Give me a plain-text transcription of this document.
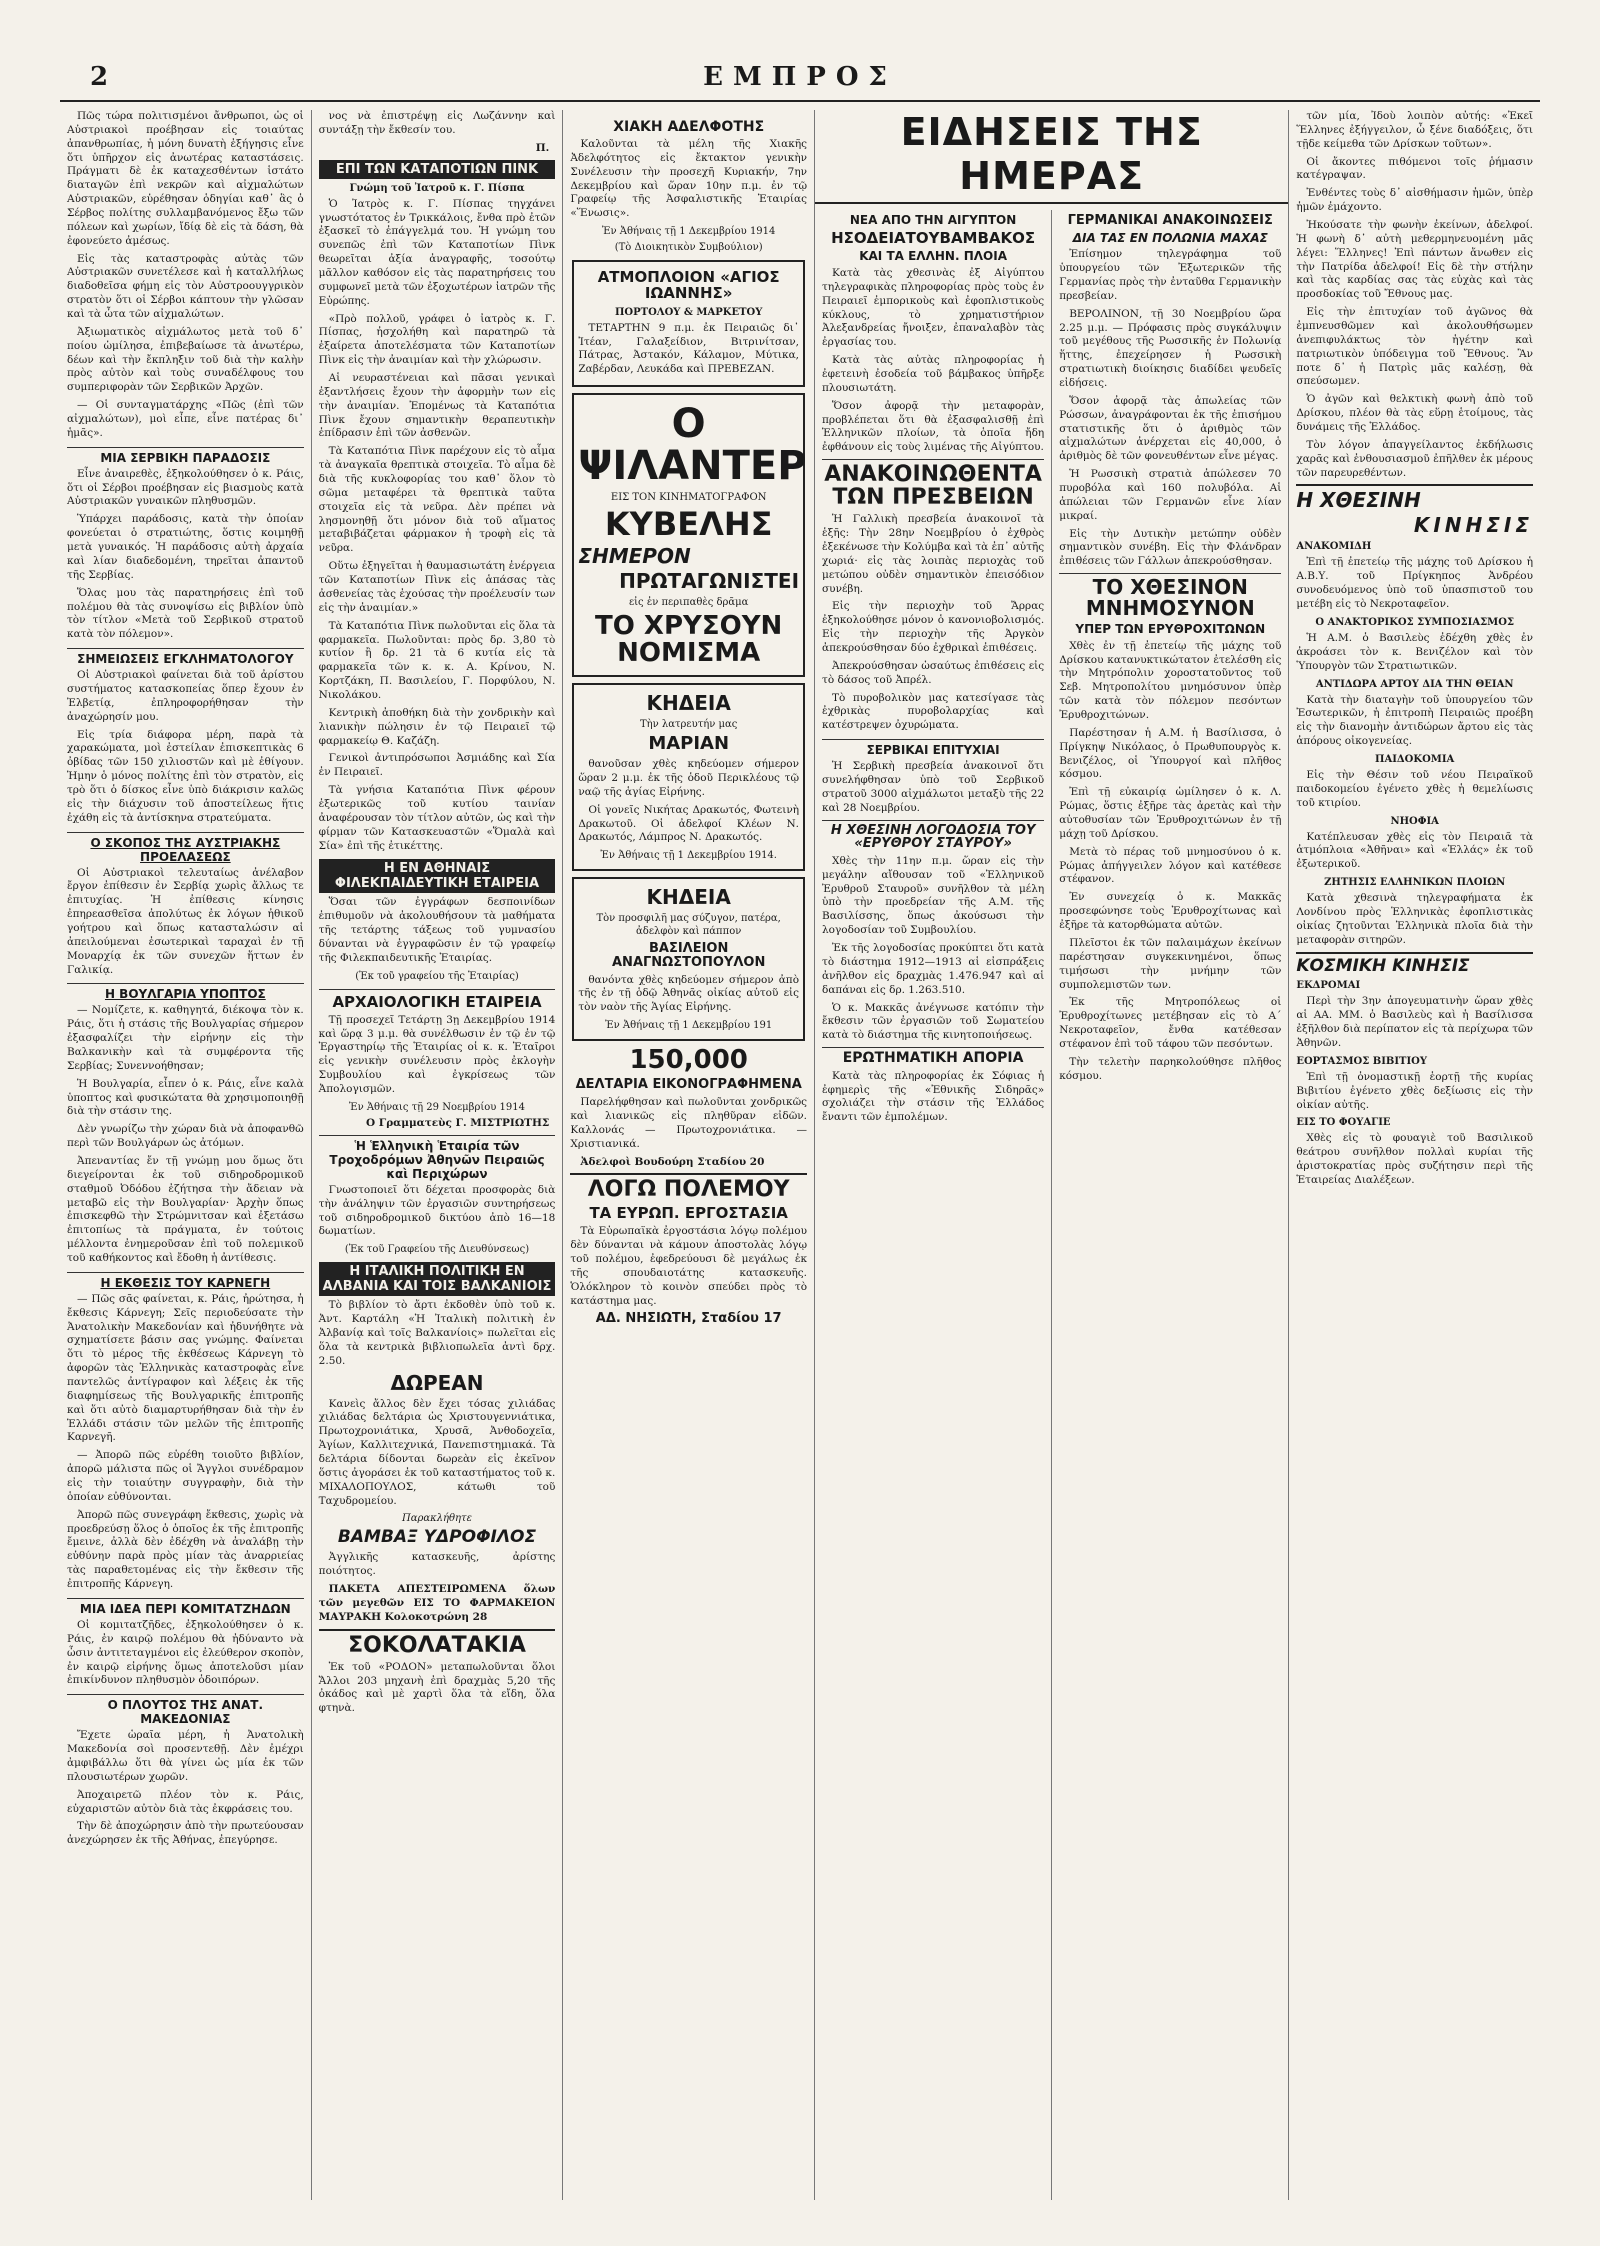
2	ΕΜΠΡΟΣ

Πῶς τώρα πολιτισμένοι ἄνθρωποι, ὡς οἱ Αὐστριακοὶ προέβησαν εἰς τοιαύτας ἀπανθρωπίας, ἡ μόνη δυνατὴ ἐξήγησις εἶνε ὅτι ὑπῆρχον εἰς ἀνωτέρας καταστάσεις. Πράγματι δὲ ἐκ καταχεσθέντων ἱστάτο διαταγῶν ἐπὶ νεκρῶν καὶ αἰχμαλώτων Αὐστριακῶν, εὑρέθησαν ὁδηγίαι καθ᾿ ἃς ὁ Σέρβος πολίτης συλλαμβανόμενος ἔξω τῶν πόλεων καὶ χωρίων, ἴδίᾳ δὲ εἰς τὰ δάση, θὰ ἐφονεύετο ἀμέσως.

Εἰς τὰς καταστροφὰς αὐτὰς τῶν Αὐστριακῶν συνετέλεσε καὶ ἡ καταλλήλως διαδοθεῖσα φήμη εἰς τὸν Αὐστροουγγρικὸν στρατὸν ὅτι οἱ Σέρβοι κάπτουν τὴν γλῶσαν καὶ τὰ ὦτα τῶν αἰχμαλώτων.

Ἀξιωματικὸς αἰχμάλωτος μετὰ τοῦ δ᾿ ποίου ὡμίλησα, ἐπιβεβαίωσε τὰ ἀνωτέρω, δέων καὶ τὴν ἔκπληξιν τοῦ διὰ τὴν καλὴν πρὸς αὐτὸν καὶ τοὺς συναδέλφους του συμπεριφορὰν τῶν Σερβικῶν Ἀρχῶν.

— Οἱ συνταγματάρχης «Πῶς (ἐπὶ τῶν αἰχμαλώτων), μοὶ εἶπε, εἶνε πατέρας δι᾿ ἡμᾶς».

ΜΙΑ ΣΕΡΒΙΚΗ ΠΑΡΑΔΟΣΙΣ

Εἶνε ἀναιρεθὲς, ἐξηκολούθησεν ὁ κ. Ράις, ὅτι οἱ Σέρβοι προέβησαν εἰς βιασμοὺς κατὰ Αὐστριακῶν γυναικῶν πληθυσμῶν.

Ὑπάρχει παράδοσις, κατὰ τὴν ὁποίαν φονεύεται ὁ στρατιώτης, ὅστις κοιμηθῇ μετὰ γυναικός. Ἡ παράδοσις αὐτὴ ἀρχαία καὶ λίαν διαδεδομένη, τηρεῖται ἀπαντοῦ τῆς Σερβίας.

Ὅλας μου τὰς παρατηρήσεις ἐπὶ τοῦ πολέμου θὰ τὰς συνοψίσω εἰς βιβλίον ὑπὸ τὸν τίτλον «Μετὰ τοῦ Σερβικοῦ στρατοῦ κατὰ τὸν πόλεμον».

ΣΗΜΕΙΩΣΕΙΣ ΕΓΚΛΗΜΑΤΟΛΟΓΟΥ

Οἱ Αὐστριακοὶ φαίνεται διὰ τοῦ ἀρίστου συστήματος κατασκοπείας ὅπερ ἔχουν ἐν Ἐλβετίᾳ, ἐπληροφορήθησαν τὴν ἀναχώρησίν μου.

Εἰς τρία διάφορα μέρη, παρὰ τὰ χαρακώματα, μοὶ ἐστείλαν ἐπισκεπτικὰς 6 ὀβίδας τῶν 150 χιλιοστῶν καὶ μὲ ἐθίγουν. Ἡμην ὁ μόνος πολίτης ἐπὶ τὸν στρατὸν, εἰς τρὸ ὅτι ὁ δίσκος εἶνε ὑπὸ διάκρισιν καλῶς εἰς τὴν διάχυσιν τοῦ ἀποστείλεως ἥτις ἐχάθη εἰς τὰ ἀντίσκηνα στρατεύματα.

Ο ΣΚΟΠΟΣ ΤΗΣ ΑΥΣΤΡΙΑΚΗΣ ΠΡΟΕΛΑΣΕΩΣ

Οἱ Αὐστριακοὶ τελευταίως ἀνέλαβον ἔργον ἐπίθεσιν ἐν Σερβίᾳ χωρὶς ἄλλως τε ἐπιτυχίας. Ἡ ἐπίθεσις κίνησις ἐπηρεασθεῖσα ἀπολύτως ἐκ λόγων ἠθικοῦ γοήτρου καὶ ὅπως κατασταλώσιν αἱ ἀπειλούμεναι ἐσωτερικαὶ ταραχαὶ ἐν τῇ Μοναρχίᾳ ἐκ τῶν συνεχῶν ἥττων ἐν Γαλικίᾳ.

Η ΒΟΥΛΓΑΡΙΑ ΥΠΟΠΤΟΣ

— Νομίζετε, κ. καθηγητά, διέκοψα τὸν κ. Ράις, ὅτι ἡ στάσις τῆς Βουλγαρίας σήμερον ἐξασφαλίζει τὴν εἰρήνην εἰς τὴν Βαλκανικὴν καὶ τὰ συμφέροντα τῆς Σερβίας; Συνεννοήθησαν;

Ἡ Βουλγαρία, εἶπεν ὁ κ. Ράις, εἶνε καλὰ ὑποπτος καὶ φυσικώτατα θὰ χρησιμοποιηθῇ διὰ τὴν στάσιν της.

Δὲν γνωρίζω τὴν χώραν διὰ νὰ ἀποφανθῶ περὶ τῶν Βουλγάρων ὡς ἀτόμων.

Ἀπεναντίας ἔν τῇ γνώμῃ μου ὅμως ὅτι διεγείρονται ἐκ τοῦ σιδηροδρομικοῦ σταθμοῦ Ὀδόδου ἐζήτησα τὴν ἄδειαν νὰ μεταβῶ εἰς τὴν Βουλγαρίαν· Ἀρχὴν ὅπως ἐπισκεφθῶ τὴν Στρώμνιτσαν καὶ ἐξετάσω ἐπιτοπίως τὰ πράγματα, ἐν τούτοις μέλλοντα ἐνημεροῦσαν ἐπὶ τοῦ πολεμικοῦ τοῦ καθήκοντος καὶ ἔδοθη ἡ ἀντίθεσις.

Η ΕΚΘΕΣΙΣ ΤΟΥ ΚΑΡΝΕΓΗ

— Πῶς σᾶς φαίνεται, κ. Ράις, ἠρώτησα, ἡ ἔκθεσις Κάρνεγη; Σεῖς περιοδεύσατε τὴν Ἀνατολικὴν Μακεδονίαν καὶ ἠδυνήθητε νὰ σχηματίσετε βάσιν σας γνώμης. Φαίνεται ὅτι τὸ μέρος τῆς ἐκθέσεως Κάρνεγη τὸ ἀφορῶν τὰς Ἑλληνικὰς καταστροφὰς εἶνε παντελῶς ἀντίγραφον καὶ λέξεις ἐκ τῆς διαφημίσεως τῆς Βουλγαρικῆς ἐπιτροπῆς καὶ ὅτι αὐτὸ διαμαρτυρήθησαν διὰ τὴν ἐν Ἑλλάδι στάσιν τῶν μελῶν τῆς ἐπιτροπῆς Καρνεγῆ.

— Ἀπορῶ πῶς εὑρέθη τοιοῦτο βιβλίον, ἀπορῶ μάλιστα πῶς οἱ Ἄγγλοι συνέδραμον εἰς τὴν τοιαύτην συγγραφὴν, διὰ τὴν ὁποίαν εὐθύνονται.

Ἀπορῶ πῶς συνεγράφη ἔκθεσις, χωρὶς νὰ προεδρεύσῃ ὅλος ὁ ὁποῖος ἐκ τῆς ἐπιτροπῆς ἔμεινε, ἀλλὰ δὲν ἐδέχθη νὰ ἀναλάβῃ τὴν εὐθύνην παρὰ πρὸς μίαν τὰς ἀναρριείας τὰς παραθετομένας εἰς τὴν ἔκθεσιν τῆς ἐπιτροπῆς Κάρνεγη.

ΜΙΑ ΙΔΕΑ ΠΕΡΙ ΚΟΜΙΤΑΤΖΗΔΩΝ

Οἱ κομιτατζῆδες, ἐξηκολούθησεν ὁ κ. Ράις, ἐν καιρῷ πολέμου θὰ ἠδύναντο νὰ ὦσιν ἀντιτεταγμένοι εἰς ἐλεύθερον σκοπὸν, ἐν καιρῷ εἰρήνης ὅμως ἀποτελοῦσι μίαν ἐπικίνδυνον πληθυσμὸν ὁδοιπόρων.

Ο ΠΛΟΥΤΟΣ ΤΗΣ ΑΝΑΤ. ΜΑΚΕΔΟΝΙΑΣ

Ἔχετε ὡραῖα μέρη, ἡ Ἀνατολικὴ Μακεδονία σοὶ προσεντεθῇ. Δὲν ἐμέχρι ἀμφιβάλλω ὅτι θὰ γίνει ὡς μία ἐκ τῶν πλουσιωτέρων χωρῶν.

Ἀποχαιρετῶ πλέον τὸν κ. Ράις, εὐχαριστῶν αὐτὸν διὰ τὰς ἐκφράσεις του.

Τὴν δὲ ἀποχώρησιν ἀπὸ τὴν πρωτεύουσαν ἀνεχώρησεν ἐκ τῆς Ἀθήνας, ἐπεγύρησε.

νος νὰ ἐπιστρέψῃ εἰς Λωζάννην καὶ συντάξῃ τὴν ἔκθεσίν του.

Π.
ΕΠΙ ΤΩΝ ΚΑΤΑΠΟΤΙΩΝ ΠΙΝΚ
Γνώμη τοῦ Ἰατροῦ κ. Γ. Πίσπα

Ὁ Ἰατρὸς κ. Γ. Πίσπας τηγχάνει γνωστότατος ἐν Τρικκάλοις, ἔνθα πρὸ ἐτῶν ἐξασκεῖ τὸ ἐπάγγελμά του. Ἡ γνώμη του συνεπῶς ἐπὶ τῶν Καταποτίων Πὶνκ θεωρεῖται ἀξία ἀναγραφῆς, τοσούτῳ μᾶλλον καθόσον εἰς τὰς παρατηρήσεις του συμφωνεῖ μετὰ τῶν ἐξοχωτέρων ἰατρῶν τῆς Εὐρώπης.

«Πρὸ πολλοῦ, γράφει ὁ ἰατρὸς κ. Γ. Πίσπας, ἠσχολήθη καὶ παρατηρῶ τὰ ἐξαίρετα ἀποτελέσματα τῶν Καταποτίων Πὶνκ εἰς τὴν ἀναιμίαν καὶ τὴν χλώρωσιν.

Αἱ νευραστένειαι καὶ πᾶσαι γενικαὶ ἐξαντλήσεις ἔχουν τὴν ἀφορμὴν των εἰς τὴν ἀναιμίαν. Ἐπομένως τὰ Καταπότια Πὶνκ ἔχουν σημαντικὴν θεραπευτικὴν ἐπίδρασιν ἐπὶ τῶν ἀσθενῶν.

Τὰ Καταπότια Πὶνκ παρέχουν εἰς τὸ αἷμα τὰ ἀναγκαῖα θρεπτικὰ στοιχεῖα. Τὸ αἷμα δὲ διὰ τῆς κυκλοφορίας του καθ᾿ ὅλον τὸ σῶμα μεταφέρει τὰ θρεπτικὰ ταῦτα στοιχεῖα εἰς τὰ νεῦρα. Δὲν πρέπει νὰ λησμονηθῇ ὅτι μόνον διὰ τοῦ αἵματος μεταβιβάζεται φάρμακον ἡ τροφὴ εἰς τὰ νεῦρα.

Οὕτω ἐξηγεῖται ἡ θαυμασιωτάτη ἐνέργεια τῶν Καταποτίων Πὶνκ εἰς ἁπάσας τὰς ἀσθενείας τὰς ἐχούσας τὴν προέλευσίν των εἰς τὴν ἀναιμίαν.»

Τὰ Καταπότια Πὶνκ πωλοῦνται εἰς ὅλα τὰ φαρμακεῖα. Πωλοῦνται: πρὸς δρ. 3,80 τὸ κυτίον ἢ δρ. 21 τὰ 6 κυτία εἰς τὰ φαρμακεῖα τῶν κ. κ. Α. Κρίνου, Ν. Κορτζάκη, Π. Βασιλείου, Γ. Πορφύλου, Ν. Νικολάκου.

Κεντρικὴ ἀποθήκη διὰ τὴν χονδρικὴν καὶ λιανικὴν πώλησιν ἐν τῷ Πειραιεῖ τῷ φαρμακείῳ Θ. Καζάζη.

Γενικοὶ ἀντιπρόσωποι Ἀσμιάδης καὶ Σία ἐν Πειραιεῖ.

Τὰ γνήσια Καταπότια Πὶνκ φέρουν ἐξωτερικῶς τοῦ κυτίου ταινίαν ἀναφέρουσαν τὸν τίτλον αὐτῶν, ὡς καὶ τὴν φίρμαν τῶν Κατασκευαστῶν «Ὅμαλὰ καὶ Σία» ἐπὶ τῆς ἐτικέττης.

Η ΕΝ ΑΘΗΝΑΙΣ ΦΙΛΕΚΠΑΙΔΕΥΤΙΚΗ ΕΤΑΙΡΕΙΑ

Ὅσαι τῶν ἐγγράφων δεσποινίδων ἐπιθυμοῦν νὰ ἀκολουθήσουν τὰ μαθήματα τῆς τετάρτης τάξεως τοῦ γυμνασίου δύνανται νὰ ἐγγραφῶσιν ἐν τῷ γραφείῳ τῆς Φιλεκπαιδευτικῆς Ἑταιρίας.

(Ἐκ τοῦ γραφείου τῆς Ἑταιρίας)
ΑΡΧΑΙΟΛΟΓΙΚΗ ΕΤΑΙΡΕΙΑ

Τῇ προσεχεῖ Τετάρτῃ 3ῃ Δεκεμβρίου 1914 καὶ ὥρᾳ 3 μ.μ. θὰ συνέλθωσιν ἐν τῷ ἐν τῷ Ἐργαστηρίῳ τῆς Ἑταιρίας οἱ κ. κ. Ἑταῖροι εἰς γενικὴν συνέλευσιν πρὸς ἐκλογὴν Συμβουλίου καὶ ἐγκρίσεως τῶν Ἀπολογισμῶν.

Ἐν Ἀθήναις τῇ 29 Νοεμβρίου 1914
Ο Γραμματεὺς Γ. ΜΙΣΤΡΙΩΤΗΣ
Ἡ Ἑλληνικὴ Ἑταιρία τῶν Τροχοδρόμων Ἀθηνῶν Πειραιῶς καὶ Περιχώρων

Γνωστοποιεῖ ὅτι δέχεται προσφορὰς διὰ τὴν ἀνάληψιν τῶν ἐργασιῶν συντηρήσεως τοῦ σιδηροδρομικοῦ δικτύου ἀπὸ 16—18 δωματίων.

(Ἐκ τοῦ Γραφείου τῆς Διευθύνσεως)
Η ΙΤΑΛΙΚΗ ΠΟΛΙΤΙΚΗ ΕΝ ΑΛΒΑΝΙΑ ΚΑΙ ΤΟΙΣ ΒΑΛΚΑΝΙΟΙΣ

Τὸ βιβλίον τὸ ἄρτι ἐκδοθὲν ὑπὸ τοῦ κ. Ἀντ. Καρτάλη «Ἡ Ἰταλικὴ πολιτικὴ ἐν Ἀλβανίᾳ καὶ τοῖς Βαλκανίοις» πωλεῖται εἰς ὅλα τὰ κεντρικὰ βιβλιοπωλεῖα ἀντὶ δρχ. 2.50.

ΔΩΡΕΑΝ

Κανεὶς ἄλλος δὲν ἔχει τόσας χιλιάδας χιλιάδας δελτάρια ὡς Χριστουγεννιάτικα, Πρωτοχρονιάτικα, Χρυσᾶ, Ἀνθοδοχεῖα, Ἁγίων, Καλλιτεχνικά, Πανεπιστημιακά. Τὰ δελτάρια δίδονται δωρεὰν εἰς ἐκεῖνον ὅστις ἀγοράσει ἐκ τοῦ καταστήματος τοῦ κ. ΜΙΧΑΛΟΠΟΥΛΟΣ, κάτωθι τοῦ Ταχυδρομείου.

Παρακλήθητε
ΒΑΜΒΑΞ ΥΔΡΟΦΙΛΟΣ

Ἀγγλικῆς κατασκευῆς, ἀρίστης ποιότητος.

ΠΑΚΕΤΑ ΑΠΕΣΤΕΙΡΩΜΕΝΑ ὅλων τῶν μεγεθῶν ΕΙΣ ΤΟ ΦΑΡΜΑΚΕΙΟΝ ΜΑΥΡΑΚΗ Κολοκοτρώνη 28

ΣΟΚΟΛΑΤΑΚΙΑ

Ἐκ τοῦ «ΡΟΔΟΝ» μεταπωλοῦνται ὅλοι Ἄλλοι 203 μηχανὴ ἐπὶ δραχμὰς 5,20 τῆς ὀκάδος καὶ μὲ χαρτὶ ὅλα τὰ εἴδη, ὅλα φτηνὰ.

ΧΙΑΚΗ ΑΔΕΛΦΟΤΗΣ

Καλοῦνται τὰ μέλη τῆς Χιακῆς Ἀδελφότητος εἰς ἔκτακτον γενικὴν Συνέλευσιν τὴν προσεχῆ Κυριακήν, 7ην Δεκεμβρίου καὶ ὥραν 10ην π.μ. ἐν τῷ Γραφείῳ τῆς Ἀσφαλιστικῆς Ἑταιρίας «Ἕνωσις».

Ἐν Ἀθήναις τῇ 1 Δεκεμβρίου 1914
(Τὸ Διοικητικὸν Συμβούλιον)
ΑΤΜΟΠΛΟΙΟΝ «ΑΓΙΟΣ ΙΩΑΝΝΗΣ»
ΠΟΡΤΟΛΟΥ & ΜΑΡΚΕΤΟΥ

ΤΕΤΑΡΤΗΝ 9 π.μ. ἐκ Πειραιῶς δι᾿ Ἰτέαν, Γαλαξείδιον, Βιτρινίτσαν, Πάτρας, Ἀστακόν, Κάλαμον, Μύτικα, Ζαβέρδαν, Λευκάδα καὶ ΠΡΕΒΕΖΑΝ.

Ο ΨΙΛΑΝΤΕΡ
ΕΙΣ ΤΟΝ ΚΙΝΗΜΑΤΟΓΡΑΦΟΝ
ΚΥΒΕΛΗΣ
ΣΗΜΕΡΟΝ
ΠΡΩΤΑΓΩΝΙΣΤΕΙ
εἰς ἐν περιπαθὲς δρᾶμα
ΤΟ ΧΡΥΣΟΥΝ ΝΟΜΙΣΜΑ
ΚΗΔΕΙΑ
Τὴν λατρευτήν μας
ΜΑΡΙΑΝ

θανοῦσαν χθὲς κηδεύομεν σήμερον ὥραν 2 μ.μ. ἐκ τῆς ὁδοῦ Περικλέους τῷ ναῷ τῆς ἁγίας Εἰρήνης.

Οἱ γονεῖς Νικήτας Δρακωτός, Φωτεινὴ Δρακωτοῦ. Οἱ ἀδελφοί Κλέων Ν. Δρακωτός, Λάμπρος Ν. Δρακωτός.

Ἐν Ἀθήναις τῇ 1 Δεκεμβρίου 1914.
ΚΗΔΕΙΑ
Τὸν προσφιλῆ μας σύζυγον, πατέρα, ἀδελφὸν καὶ πάππον
ΒΑΣΙΛΕΙΟΝ ΑΝΑΓΝΩΣΤΟΠΟΥΛΟΝ

θανόντα χθὲς κηδεύομεν σήμερον ἀπὸ τῆς ἐν τῇ ὁδῷ Ἀθηνᾶς οἰκίας αὐτοῦ εἰς τὸν ναὸν τῆς Ἁγίας Εἰρήνης.

Ἐν Ἀθήναις τῇ 1 Δεκεμβρίου 191
150,000
ΔΕΛΤΑΡΙΑ ΕΙΚΟΝΟΓΡΑΦΗΜΕΝΑ

Παρελήφθησαν καὶ πωλοῦνται χονδρικῶς καὶ λιανικῶς εἰς πληθῦραν εἰδῶν. Καλλονάς — Πρωτοχρονιάτικα. — Χριστιανικά.

Ἀδελφοὶ Βουδούρη Σταδίου 20

ΛΟΓΩ ΠΟΛΕΜΟΥ
ΤΑ ΕΥΡΩΠ. ΕΡΓΟΣΤΑΣΙΑ

Τὰ Εὐρωπαϊκὰ ἐργοστάσια λόγῳ πολέμου δὲν δύνανται νὰ κάμουν ἀποστολὰς λόγῳ τοῦ πολέμου, ἐφεδρεύουσι δὲ μεγάλως ἐκ τῆς σπουδαιοτάτης κατασκευῆς. Ὁλόκληρον τὸ κοινὸν σπεύδει πρὸς τὸ κατάστημα μας.

ΑΔ. ΝΗΣΙΩΤΗ, Σταδίου 17
ΕΙΔΗΣΕΙΣ ΤΗΣ ΗΜΕΡΑΣ
ΝΕΑ ΑΠΟ ΤΗΝ ΑΙΓΥΠΤΟΝ
ΗΣΟΔΕΙΑΤΟΥΒΑΜΒΑΚΟΣ
ΚΑΙ ΤΑ ΕΛΛΗΝ. ΠΛΟΙΑ

Κατὰ τὰς χθεσινὰς ἐξ Αἰγύπτου τηλεγραφικὰς πληροφορίας πρὸς τοὺς ἐν Πειραιεῖ ἐμπορικοὺς καὶ ἐφοπλιστικοὺς κύκλους, τὸ χρηματιστήριον Ἀλεξανδρείας ἤνοιξεν, ἐπαναλαβὸν τὰς ἐργασίας του.

Κατὰ τὰς αὐτὰς πληροφορίας ἡ ἐφετεινὴ ἐσοδεία τοῦ βάμβακος ὑπῆρξε πλουσιωτάτη.

Ὅσον ἀφορᾷ τὴν μεταφορὰν, προβλέπεται ὅτι θὰ ἐξασφαλισθῇ ἐπὶ Ἑλληνικῶν πλοίων, τὰ ὁποῖα ἤδη ἐφθάνουν εἰς τοὺς λιμένας τῆς Αἰγύπτου.

ΑΝΑΚΟΙΝΩΘΕΝΤΑ ΤΩΝ ΠΡΕΣΒΕΙΩΝ

Ἡ Γαλλικὴ πρεσβεία ἀνακοινοῖ τὰ ἑξῆς: Τὴν 28ην Νοεμβρίου ὁ ἐχθρὸς ἐξεκένωσε τὴν Κολύμβα καὶ τὰ ἐπ᾿ αὐτῆς χωριά· εἰς τὰς λοιπὰς περιοχὰς τοῦ μετώπου οὐδὲν σημαντικὸν ἐπεισόδιον συνέβη.

Εἰς τὴν περιοχὴν τοῦ Ἄρρας ἐξηκολούθησε μόνον ὁ κανονιοβολισμός. Εἰς τὴν περιοχὴν τῆς Ἀργκὸν ἀπεκρούσθησαν δύο ἐχθρικαὶ ἐπιθέσεις.

Ἀπεκρούσθησαν ὡσαύτως ἐπιθέσεις εἰς τὸ δάσος τοῦ Ἀπρέλ.

Τὸ πυροβολικὸν μας κατεσίγασε τὰς ἐχθρικὰς πυροβολαρχίας καὶ κατέστρεψεν ὀχυρώματα.

ΣΕΡΒΙΚΑΙ ΕΠΙΤΥΧΙΑΙ

Ἡ Σερβικὴ πρεσβεία ἀνακοινοῖ ὅτι συνελήφθησαν ὑπὸ τοῦ Σερβικοῦ στρατοῦ 3000 αἰχμάλωτοι μεταξὺ τῆς 22 καὶ 28 Νοεμβρίου.

Η ΧΘΕΣΙΝΗ ΛΟΓΟΔΟΣΙΑ ΤΟΥ «ΕΡΥΘΡΟΥ ΣΤΑΥΡΟΥ»

Χθὲς τὴν 11ην π.μ. ὥραν εἰς τὴν μεγάλην αἴθουσαν τοῦ «Ἐλληνικοῦ Ἐρυθροῦ Σταυροῦ» συνῆλθον τὰ μέλη ὑπὸ τὴν προεδρείαν τῆς Α.Μ. τῆς Βασιλίσσης, ὅπως ἀκούσωσι τὴν λογοδοσίαν τοῦ Συμβουλίου.

Ἐκ τῆς λογοδοσίας προκύπτει ὅτι κατὰ τὸ διάστημα 1912—1913 αἱ εἰσπράξεις ἀνῆλθον εἰς δραχμὰς 1.476.947 καὶ αἱ δαπάναι εἰς δρ. 1.263.510.

Ὁ κ. Μακκᾶς ἀνέγνωσε κατόπιν τὴν ἔκθεσιν τῶν ἐργασιῶν τοῦ Σωματείου κατὰ τὸ διάστημα τῆς κινητοποιήσεως.

ΕΡΩΤΗΜΑΤΙΚΗ ΑΠΟΡΙΑ

Κατὰ τὰς πληροφορίας ἐκ Σόφιας ἡ ἐφημερὶς τῆς «Ἐθνικῆς Σιδηρᾶς» σχολιάζει τὴν στάσιν τῆς Ἑλλάδος ἔναντι τῶν ἐμπολέμων.

ΓΕΡΜΑΝΙΚΑΙ ΑΝΑΚΟΙΝΩΣΕΙΣ
ΔΙΑ ΤΑΣ ΕΝ ΠΟΛΩΝΙΑ ΜΑΧΑΣ

Ἐπίσημον τηλεγράφημα τοῦ ὑπουργείου τῶν Ἐξωτερικῶν τῆς Γερμανίας πρὸς τὴν ἐνταῦθα Γερμανικὴν πρεσβείαν.

ΒΕΡΟΛΙΝΟΝ, τῇ 30 Νοεμβρίου ὥρα 2.25 μ.μ. — Πρόφασις πρὸς συγκάλυψιν τοῦ μεγέθους τῆς Ρωσσικῆς ἐν Πολωνίᾳ ἥττης, ἐπεχείρησεν ἡ Ρωσσικὴ στρατιωτικὴ διοίκησις διαδίδει ψευδεῖς εἰδήσεις.

Ὅσον ἀφορᾷ τὰς ἀπωλείας τῶν Ρώσσων, ἀναγράφονται ἐκ τῆς ἐπισήμου στατιστικῆς ὅτι ὁ ἀριθμὸς τῶν αἰχμαλώτων ἀνέρχεται εἰς 40,000, ὁ ἀριθμὸς δὲ τῶν φονευθέντων εἶνε μέγας.

Ἡ Ρωσσικὴ στρατιὰ ἀπώλεσεν 70 πυροβόλα καὶ 160 πολυβόλα. Αἱ ἀπώλειαι τῶν Γερμανῶν εἶνε λίαν μικραί.

Εἰς τὴν Δυτικὴν μετώπην οὐδὲν σημαντικὸν συνέβη. Εἰς τὴν Φλάνδραν ἐπιθέσεις τῶν Γάλλων ἀπεκρούσθησαν.

ΤΟ ΧΘΕΣΙΝΟΝ ΜΝΗΜΟΣΥΝΟΝ
ΥΠΕΡ ΤΩΝ ΕΡΥΘΡΟΧΙΤΩΝΩΝ

Χθὲς ἐν τῇ ἐπετείῳ τῆς μάχης τοῦ Δρίσκου κατανυκτικώτατον ἐτελέσθη εἰς τὴν Μητρόπολιν χοροστατοῦντος τοῦ Σεβ. Μητροπολίτου μνημόσυνον ὑπὲρ τῶν κατὰ τὸν πόλεμον πεσόντων Ἐρυθροχιτώνων.

Παρέστησαν ἡ Α.Μ. ἡ Βασίλισσα, ὁ Πρίγκηψ Νικόλαος, ὁ Πρωθυπουργὸς κ. Βενιζέλος, οἱ Ὑπουργοί καὶ πλῆθος κόσμου.

Ἐπὶ τῇ εὐκαιρίᾳ ὡμίλησεν ὁ κ. Λ. Ρώμας, ὅστις ἐξῆρε τὰς ἀρετὰς καὶ τὴν αὐτοθυσίαν τῶν Ἐρυθροχιτώνων ἐν τῇ μάχῃ τοῦ Δρίσκου.

Μετὰ τὸ πέρας τοῦ μνημοσύνου ὁ κ. Ρώμας ἀπήγγειλεν λόγον καὶ κατέθεσε στέφανον.

Ἐν συνεχείᾳ ὁ κ. Μακκᾶς προσεφώνησε τοὺς Ἐρυθροχίτωνας καὶ ἐξῆρε τὰ κατορθώματα αὐτῶν.

Πλεῖστοι ἐκ τῶν παλαιμάχων ἐκείνων παρέστησαν συγκεκινημένοι, ὅπως τιμήσωσι τὴν μνήμην τῶν συμπολεμιστῶν των.

Ἐκ τῆς Μητροπόλεως οἱ Ἐρυθροχίτωνες μετέβησαν εἰς τὸ Α΄ Νεκροταφεῖον, ἔνθα κατέθεσαν στέφανον ἐπὶ τοῦ τάφου τῶν πεσόντων.

Τὴν τελετὴν παρηκολούθησε πλῆθος κόσμου.

τῶν μία, Ἰδοὺ λοιπὸν αὐτής: «Ἐκεῖ Ἕλληνες ἐξήγγειλον, ὦ ξένε διαδόξεις, ὅτι τῇδε κείμεθα τῶν Δρίσκων τοῦτων».

Οἱ ἄκοντες πιθόμενοι τοῖς ῥήμασιν κατέγραψαν.

Ἐνθέντες τοὺς δ᾿ αἰσθήμασιν ἡμῶν, ὑπὲρ ἡμῶν ἐμάχοντο.

Ἠκούσατε τὴν φωνὴν ἐκείνων, ἀδελφοί. Ἡ φωνὴ δ᾿ αὐτὴ μεθερμηνευομένη μᾶς λέγει: Ἕλληνες! Ἐπὶ πάντων ἄνωθεν εἰς τὴν Πατρίδα ἀδελφοί! Εἰς δὲ τὴν στήλην καὶ τὰς καρδίας σας τὰς εὐχὰς καὶ τὰς προσδοκίας τοῦ Ἔθνους μας.

Εἰς τὴν ἐπιτυχίαν τοῦ ἀγῶνος θὰ ἐμπνευσθῶμεν καὶ ἀκολουθήσωμεν ἀνεπιφυλάκτως τὸν ἡγέτην καὶ πατριωτικὸν ὑπόδειγμα τοῦ Ἔθνους. Ἂν ποτε δ᾿ ἡ Πατρὶς μᾶς καλέσῃ, θὰ σπεύσωμεν.

Ὁ ἀγῶν καὶ θελκτικὴ φωνὴ ἀπὸ τοῦ Δρίσκου, πλέον θὰ τὰς εὕρῃ ἑτοίμους, τὰς δυνάμεις τῆς Ἑλλάδος.

Τὸν λόγον ἀπαγγείλαντος ἐκδήλωσις χαρᾶς καὶ ἐνθουσιασμοῦ ἐπῆλθεν ἐκ μέρους τῶν παρευρεθέντων.

Η ΧΘΕΣΙΝΗ
ΚΙΝΗΣΙΣ
ΑΝΑΚΟΜΙΔΗ

Ἐπὶ τῇ ἐπετείῳ τῆς μάχης τοῦ Δρίσκου ἡ Α.Β.Υ. τοῦ Πρίγκηπος Ἀνδρέου συνοδευόμενος ὑπὸ τοῦ ὑπασπιστοῦ του μετέβη εἰς τὸ Νεκροταφεῖον.

Ο ΑΝΑΚΤΟΡΙΚΟΣ ΣΥΜΠΟΣΙΑΣΜΟΣ

Ἡ Α.Μ. ὁ Βασιλεὺς ἐδέχθη χθὲς ἐν ἀκροάσει τὸν κ. Βενιζέλον καὶ τὸν Ὑπουργὸν τῶν Στρατιωτικῶν.

ΑΝΤΙΔΩΡΑ ΑΡΤΟΥ ΔΙΑ ΤΗΝ ΘΕΙΑΝ

Κατὰ τὴν διαταγὴν τοῦ ὑπουργείου τῶν Ἐσωτερικῶν, ἡ ἐπιτροπὴ Πειραιῶς προέβη εἰς τὴν διανομὴν ἀντιδώρων ἄρτου εἰς τὰς ἀπόρους οἰκογενείας.

ΠΑΙΔΟΚΟΜΙΑ

Εἰς τὴν Θέσιν τοῦ νέου Πειραϊκοῦ παιδοκομείου ἐγένετο χθὲς ἡ θεμελίωσις τοῦ κτιρίου.

ΝΗΟΦΙΑ

Κατέπλευσαν χθὲς εἰς τὸν Πειραιᾶ τὰ ἀτμόπλοια «Ἀθῆναι» καὶ «Ἑλλάς» ἐκ τοῦ ἐξωτερικοῦ.

ΖΗΤΗΣΙΣ ΕΛΛΗΝΙΚΩΝ ΠΛΟΙΩΝ

Κατὰ χθεσινὰ τηλεγραφήματα ἐκ Λονδίνου πρὸς Ἑλληνικὰς ἐφοπλιστικὰς οἰκίας ζητοῦνται Ἑλληνικὰ πλοῖα διὰ τὴν μεταφορὰν σιτηρῶν.

ΚΟΣΜΙΚΗ ΚΙΝΗΣΙΣ
ΕΚΔΡΟΜΑΙ

Περὶ τὴν 3ην ἀπογευματινὴν ὥραν χθὲς αἱ ΑΑ. ΜΜ. ὁ Βασιλεὺς καὶ ἡ Βασίλισσα ἐξῆλθον διὰ περίπατον εἰς τὰ περίχωρα τῶν Ἀθηνῶν.

ΕΟΡΤΑΣΜΟΣ ΒΙΒΙΤΙΟΥ

Ἐπὶ τῇ ὀνομαστικῇ ἑορτῇ τῆς κυρίας Βιβιτίου ἐγένετο χθὲς δεξίωσις εἰς τὴν οἰκίαν αὐτῆς.

ΕΙΣ ΤΟ ΦΟΥΑΓΙΕ

Χθὲς εἰς τὸ φουαγιὲ τοῦ Βασιλικοῦ θεάτρου συνῆλθον πολλαὶ κυρίαι τῆς ἀριστοκρατίας πρὸς συζήτησιν περὶ τῆς Ἑταιρείας Διαλέξεων.
